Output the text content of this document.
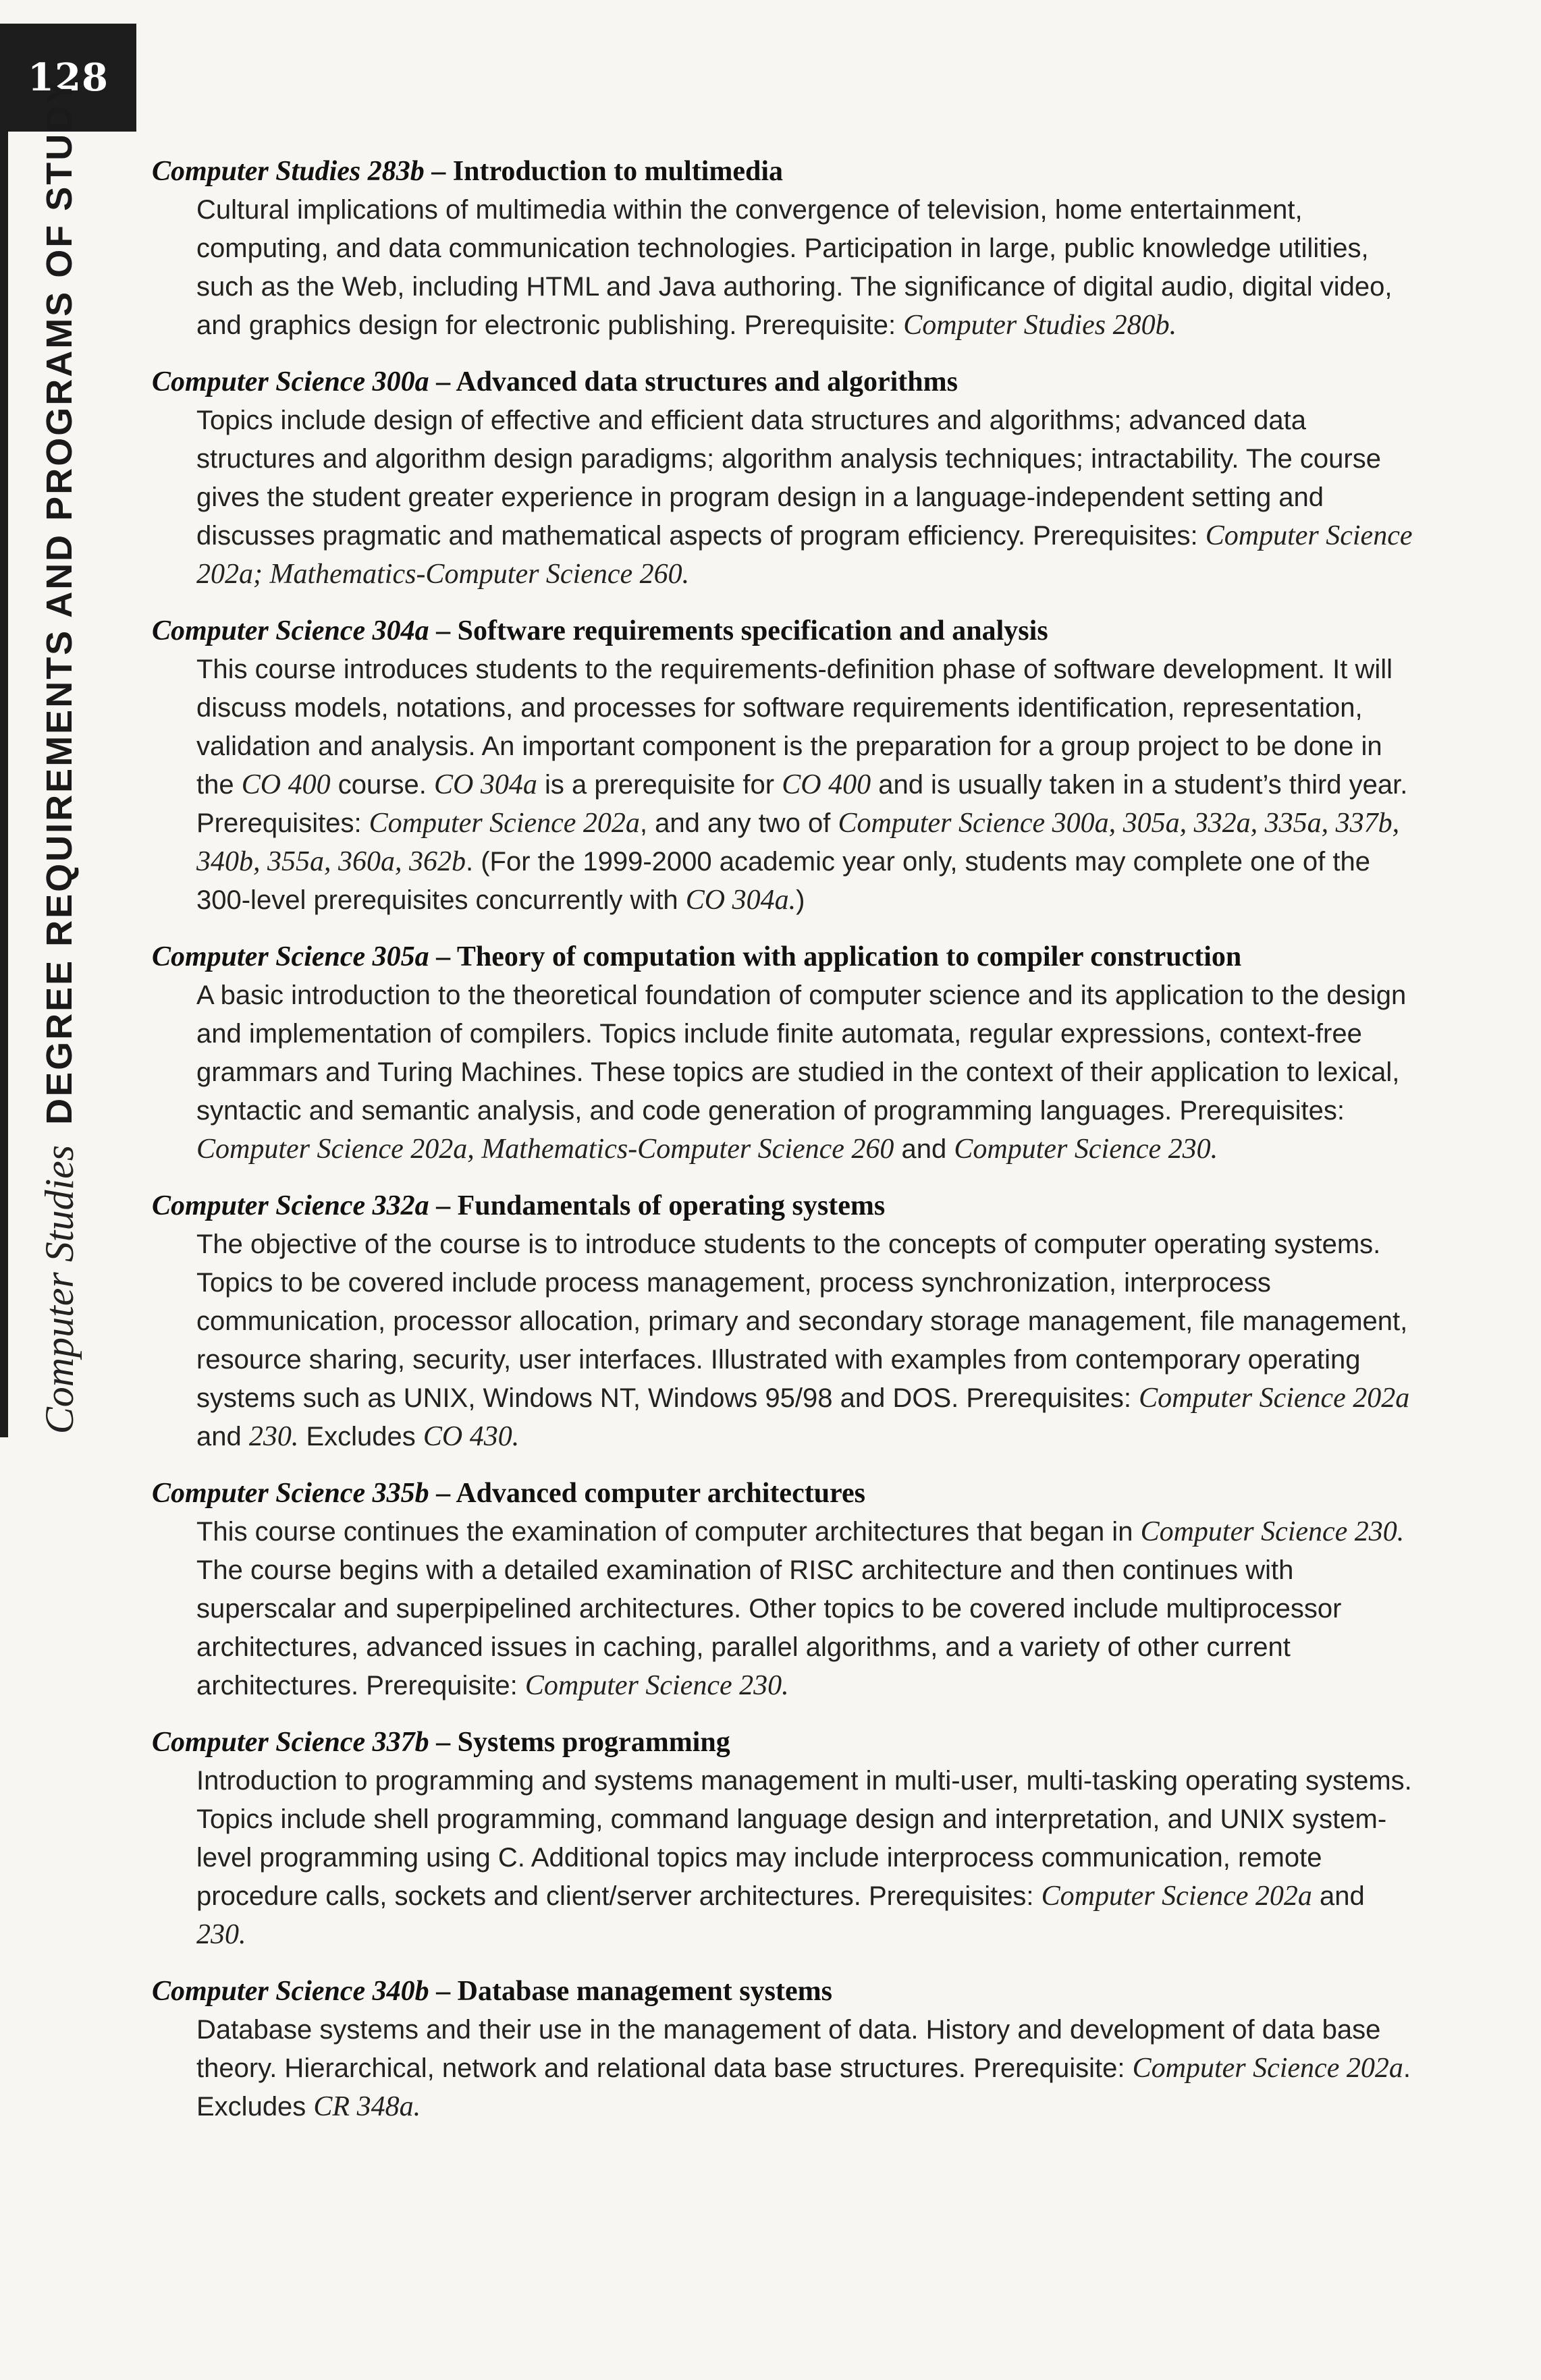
128
Computer Studies
DEGREE REQUIREMENTS AND PROGRAMS OF STUDY	Computer Studies 283b – Introduction to multimedia
Cultural implications of multimedia within the convergence of television, home entertainment, computing, and data communication technologies. Participation in large, public knowledge utilities, such as the Web, including HTML and Java authoring. The significance of digital audio, digital video, and graphics design for electronic publishing. Prerequisite: Computer Studies 280b.
Computer Science 300a – Advanced data structures and algorithms
Topics include design of effective and efficient data structures and algorithms; advanced data structures and algorithm design paradigms; algorithm analysis techniques; intractability. The course gives the student greater experience in program design in a language-independent setting and discusses pragmatic and mathematical aspects of program efficiency. Prerequisites: Computer Science 202a; Mathematics-Computer Science 260.
Computer Science 304a – Software requirements specification and analysis
This course introduces students to the requirements-definition phase of software development. It will discuss models, notations, and processes for software requirements identification, representation, validation and analysis. An important component is the preparation for a group project to be done in the CO 400 course. CO 304a is a prerequisite for CO 400 and is usually taken in a student’s third year. Prerequisites: Computer Science 202a, and any two of Computer Science 300a, 305a, 332a, 335a, 337b, 340b, 355a, 360a, 362b. (For the 1999-2000 academic year only, students may complete one of the 300-level prerequisites concurrently with CO 304a.)
Computer Science 305a – Theory of computation with application to compiler construction
A basic introduction to the theoretical foundation of computer science and its application to the design and implementation of compilers. Topics include finite automata, regular expressions, context-free grammars and Turing Machines. These topics are studied in the context of their application to lexical, syntactic and semantic analysis, and code generation of programming languages. Prerequisites: Computer Science 202a, Mathematics-Computer Science 260 and Computer Science 230.
Computer Science 332a – Fundamentals of operating systems
The objective of the course is to introduce students to the concepts of computer operating systems. Topics to be covered include process management, process synchronization, interprocess communication, processor allocation, primary and secondary storage management, file management, resource sharing, security, user interfaces. Illustrated with examples from contemporary operating systems such as UNIX, Windows NT, Windows 95/98 and DOS. Prerequisites: Computer Science 202a and 230. Excludes CO 430.
Computer Science 335b – Advanced computer architectures
This course continues the examination of computer architectures that began in Computer Science 230. The course begins with a detailed examination of RISC architecture and then continues with superscalar and superpipelined architectures. Other topics to be covered include multiprocessor architectures, advanced issues in caching, parallel algorithms, and a variety of other current architectures. Prerequisite: Computer Science 230.
Computer Science 337b – Systems programming
Introduction to programming and systems management in multi-user, multi-tasking operating systems. Topics include shell programming, command language design and interpretation, and UNIX system-level programming using C. Additional topics may include interprocess communication, remote procedure calls, sockets and client/server architectures. Prerequisites: Computer Science 202a and 230.
Computer Science 340b – Database management systems
Database systems and their use in the management of data. History and development of data base theory. Hierarchical, network and relational data base structures. Prerequisite: Computer Science 202a. Excludes CR 348a.
